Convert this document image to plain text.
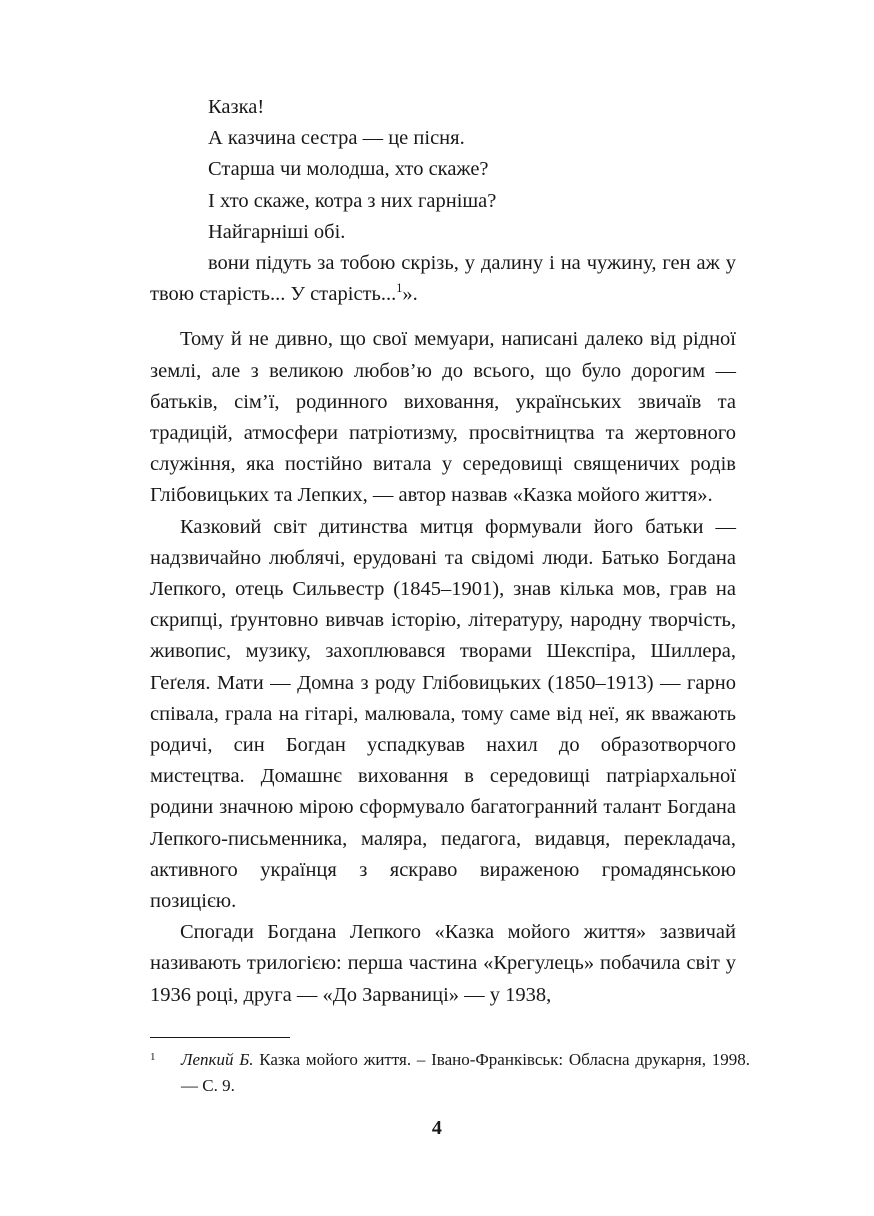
Казка!

А казчина сестра — це пісня.

Старша чи молодша, хто скаже?

І хто скаже, котра з них гарніша?

Найгарніші обі.

вони підуть за тобою скрізь, у далину і на чужину, ген аж у твою старість... У старість...$^1$».

Тому й не дивно, що свої мемуари, написані далеко від рідної землі, але з великою любов’ю до всього, що було дорогим — батьків, сім’ї, родинного виховання, українських звичаїв та традицій, атмосфери патріотизму, просвітництва та жертовного служіння, яка постійно витала у середовищі священичих родів Глібовицьких та Лепких, — автор назвав «Казка мойого життя».

Казковий світ дитинства митця формували його батьки — надзвичайно люблячі, ерудовані та свідомі люди. Батько Богдана Лепкого, отець Сильвестр (1845–1901), знав кілька мов, грав на скрипці, ґрунтовно вивчав історію, літературу, народну творчість, живопис, музику, захоплювався творами Шекспіра, Шиллера, Геґеля. Мати — Домна з роду Глібовицьких (1850–1913) — гарно співала, грала на гітарі, малювала, тому саме від неї, як вважають родичі, син Богдан успадкував нахил до образотворчого мистецтва. Домашнє виховання в середовищі патріархальної родини значною мірою сформувало багатогранний талант Богдана Лепкого-письменника, маляра, педагога, видавця, перекладача, активного українця з яскраво вираженою громадянською позицією.

Спогади Богдана Лепкого «Казка мойого життя» зазвичай називають трилогією: перша частина «Крегулець» побачила світ у 1936 році, друга — «До Зарваниці» — у 1938,

1 Лепкий Б. Казка мойого життя. – Івано-Франківськ: Обласна друкарня, 1998. — С. 9.

4
